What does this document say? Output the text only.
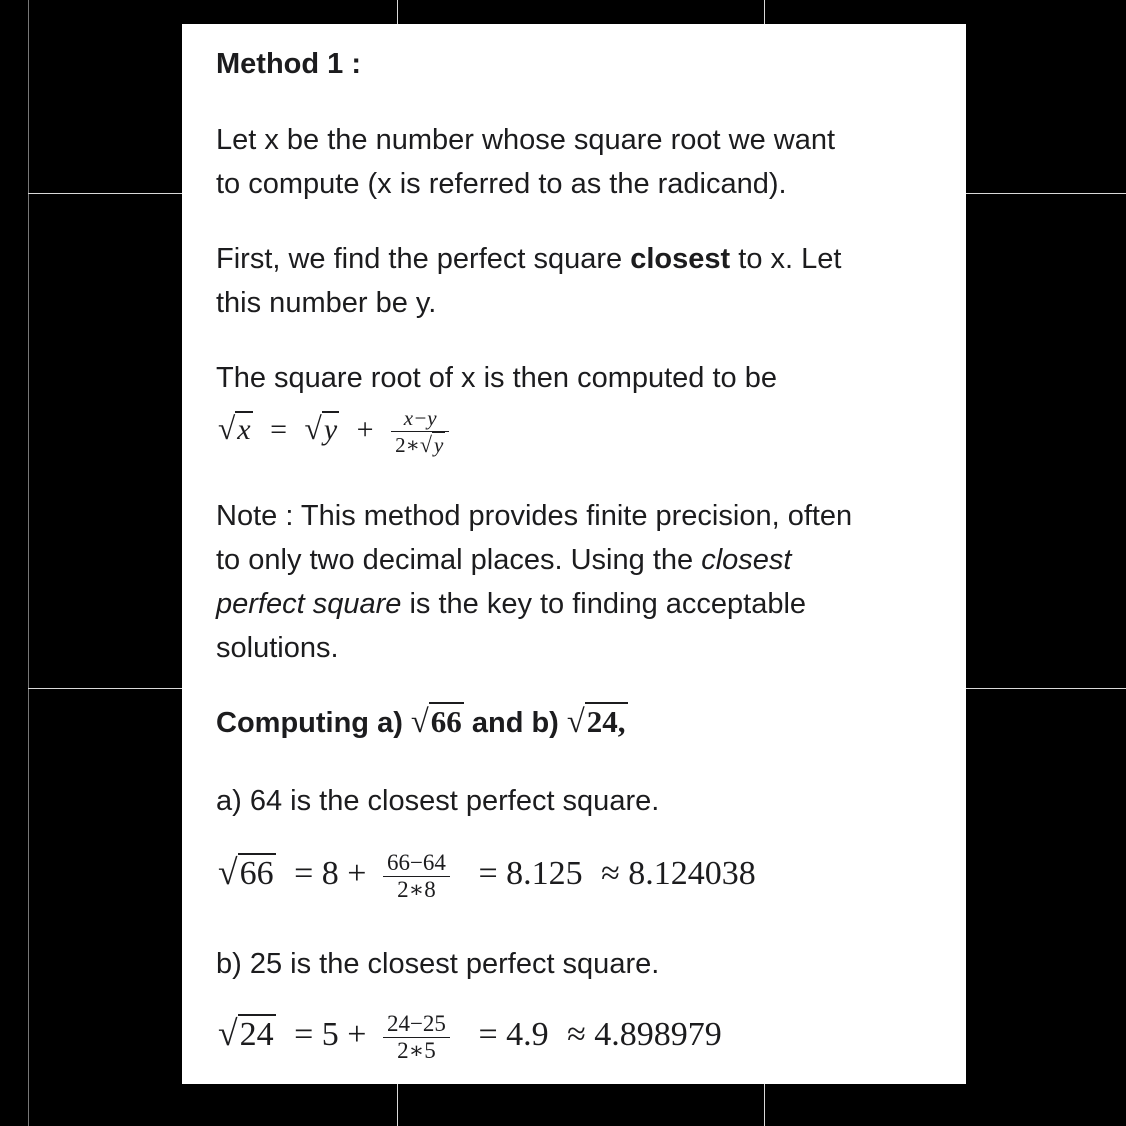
Method 1 :

Let x be the number whose square root we want

to compute (x is referred to as the radicand).

First, we find the perfect square closest to x. Let

this number be y.

The square root of x is then computed to be

$√x = √y + \frac{x-y}{2∗√y}$

Note : This method provides finite precision, often

to only two decimal places. Using the closest

perfect square is the key to finding acceptable

solutions.

Computing a) √66 and b) √24,

a) 64 is the closest perfect square.

$√66 = 8 + \frac{66-64}{2∗8} = 8.125 \approx 8.124038$

b) 25 is the closest perfect square.

$√24 = 5 + \frac{24-25}{2∗5} = 4.9 \approx 4.898979$
